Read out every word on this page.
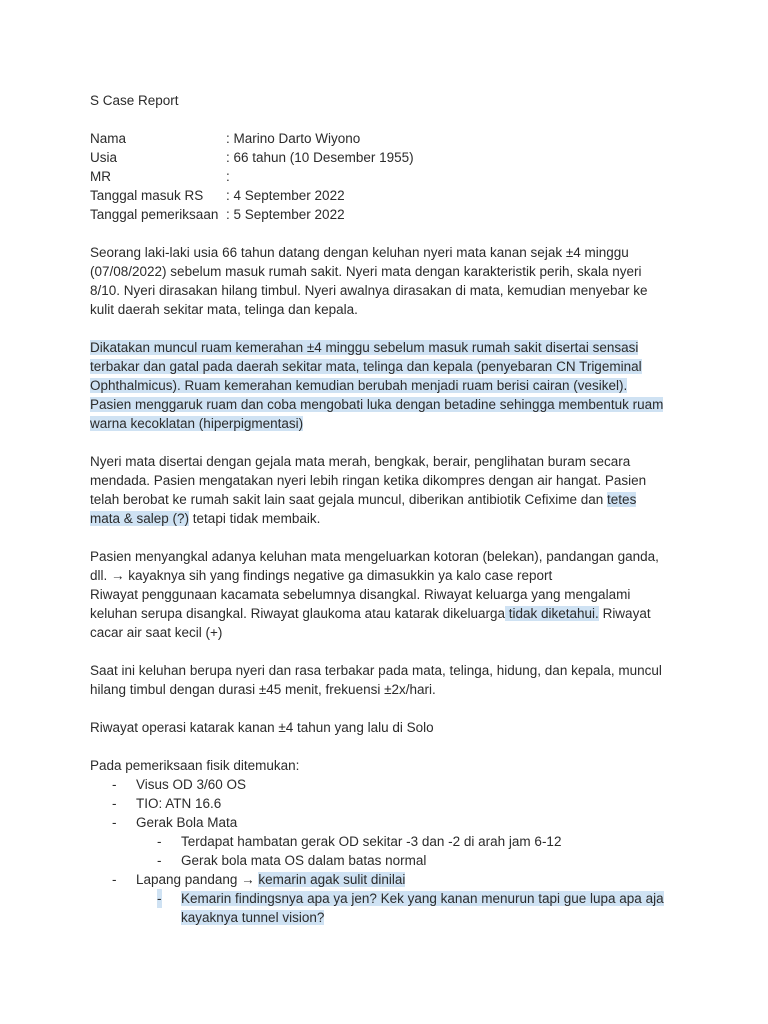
S Case Report
Nama	: Marino Darto Wiyono
Usia	: 66 tahun (10 Desember 1955)
MR	:
Tanggal masuk RS	: 4 September 2022
Tanggal pemeriksaan : 5 September 2022
Seorang laki-laki usia 66 tahun datang dengan keluhan nyeri mata kanan sejak ±4 minggu
(07/08/2022) sebelum masuk rumah sakit. Nyeri mata dengan karakteristik perih, skala nyeri
8/10. Nyeri dirasakan hilang timbul. Nyeri awalnya dirasakan di mata, kemudian menyebar ke
kulit daerah sekitar mata, telinga dan kepala.
Dikatakan muncul ruam kemerahan ±4 minggu sebelum masuk rumah sakit disertai sensasi
terbakar dan gatal pada daerah sekitar mata, telinga dan kepala (penyebaran CN Trigeminal
Ophthalmicus). Ruam kemerahan kemudian berubah menjadi ruam berisi cairan (vesikel).
Pasien menggaruk ruam dan coba mengobati luka dengan betadine sehingga membentuk ruam
warna kecoklatan (hiperpigmentasi)
Nyeri mata disertai dengan gejala mata merah, bengkak, berair, penglihatan buram secara
mendada. Pasien mengatakan nyeri lebih ringan ketika dikompres dengan air hangat. Pasien
telah berobat ke rumah sakit lain saat gejala muncul, diberikan antibiotik Cefixime dan tetes
mata & salep (?) tetapi tidak membaik.
Pasien menyangkal adanya keluhan mata mengeluarkan kotoran (belekan), pandangan ganda,
dll. → kayaknya sih yang findings negative ga dimasukkin ya kalo case report
Riwayat penggunaan kacamata sebelumnya disangkal. Riwayat keluarga yang mengalami
keluhan serupa disangkal. Riwayat glaukoma atau katarak dikeluarga tidak diketahui. Riwayat
cacar air saat kecil (+)
Saat ini keluhan berupa nyeri dan rasa terbakar pada mata, telinga, hidung, dan kepala, muncul
hilang timbul dengan durasi ±45 menit, frekuensi ±2x/hari.
Riwayat operasi katarak kanan ±4 tahun yang lalu di Solo
Pada pemeriksaan fisik ditemukan:
- Visus OD 3/60 OS
- TIO: ATN 16.6
- Gerak Bola Mata
- Terdapat hambatan gerak OD sekitar -3 dan -2 di arah jam 6-12
- Gerak bola mata OS dalam batas normal
- Lapang pandang → kemarin agak sulit dinilai
- Kemarin findingsnya apa ya jen? Kek yang kanan menurun tapi gue lupa apa aja
kayaknya tunnel vision?
